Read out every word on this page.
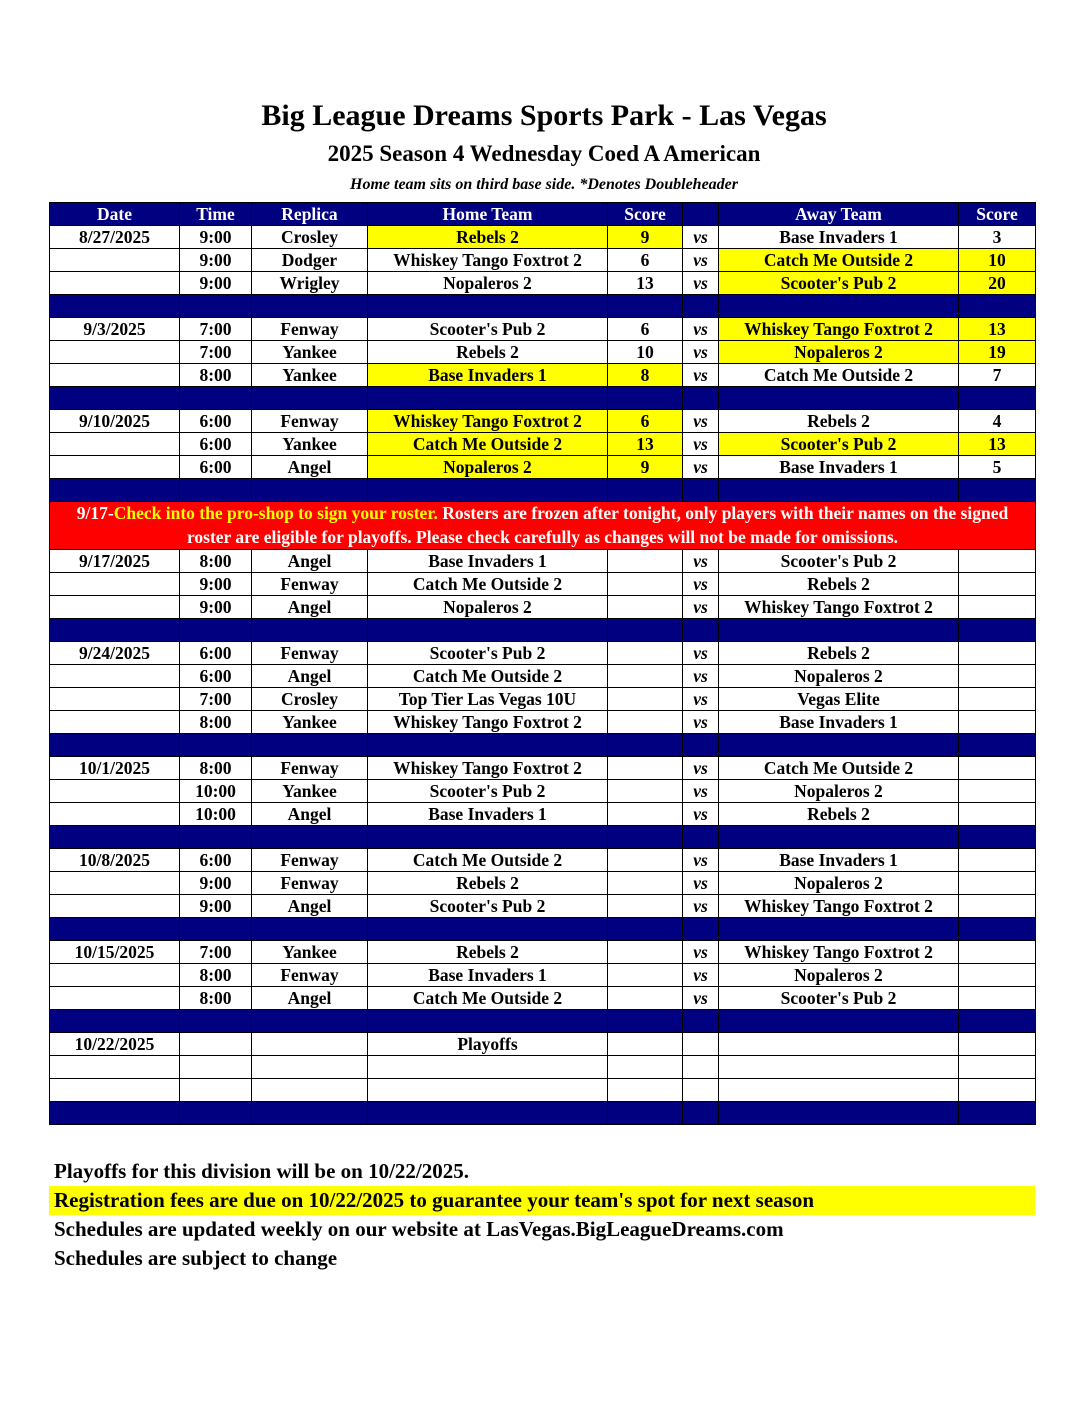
Big League Dreams Sports Park - Las Vegas
2025 Season 4 Wednesday Coed A American
Home team sits on third base side. *Denotes Doubleheader
Date	Time	Replica	Home Team	Score		Away Team	Score
8/27/2025	9:00	Crosley	Rebels 2	9	vs	Base Invaders 1	3
	9:00	Dodger	Whiskey Tango Foxtrot 2	6	vs	Catch Me Outside 2	10
	9:00	Wrigley	Nopaleros 2	13	vs	Scooter's Pub 2	20

9/3/2025	7:00	Fenway	Scooter's Pub 2	6	vs	Whiskey Tango Foxtrot 2	13
	7:00	Yankee	Rebels 2	10	vs	Nopaleros 2	19
	8:00	Yankee	Base Invaders 1	8	vs	Catch Me Outside 2	7

9/10/2025	6:00	Fenway	Whiskey Tango Foxtrot 2	6	vs	Rebels 2	4
	6:00	Yankee	Catch Me Outside 2	13	vs	Scooter's Pub 2	13
	6:00	Angel	Nopaleros 2	9	vs	Base Invaders 1	5

9/17-Check into the pro-shop to sign your roster. Rosters are frozen after tonight, only players with their names on the signed roster are eligible for playoffs. Please check carefully as changes will not be made for omissions.							
9/17/2025	8:00	Angel	Base Invaders 1		vs	Scooter's Pub 2	
	9:00	Fenway	Catch Me Outside 2		vs	Rebels 2	
	9:00	Angel	Nopaleros 2		vs	Whiskey Tango Foxtrot 2	

9/24/2025	6:00	Fenway	Scooter's Pub 2		vs	Rebels 2	
	6:00	Angel	Catch Me Outside 2		vs	Nopaleros 2	
	7:00	Crosley	Top Tier Las Vegas 10U		vs	Vegas Elite	
	8:00	Yankee	Whiskey Tango Foxtrot 2		vs	Base Invaders 1	

10/1/2025	8:00	Fenway	Whiskey Tango Foxtrot 2		vs	Catch Me Outside 2	
	10:00	Yankee	Scooter's Pub 2		vs	Nopaleros 2	
	10:00	Angel	Base Invaders 1		vs	Rebels 2	

10/8/2025	6:00	Fenway	Catch Me Outside 2		vs	Base Invaders 1	
	9:00	Fenway	Rebels 2		vs	Nopaleros 2	
	9:00	Angel	Scooter's Pub 2		vs	Whiskey Tango Foxtrot 2	

10/15/2025	7:00	Yankee	Rebels 2		vs	Whiskey Tango Foxtrot 2	
	8:00	Fenway	Base Invaders 1		vs	Nopaleros 2	
	8:00	Angel	Catch Me Outside 2		vs	Scooter's Pub 2	

10/22/2025			Playoffs				

Playoffs for this division will be on 10/22/2025.
Registration fees are due on 10/22/2025 to guarantee your team's spot for next season
Schedules are updated weekly on our website at LasVegas.BigLeagueDreams.com
Schedules are subject to change
